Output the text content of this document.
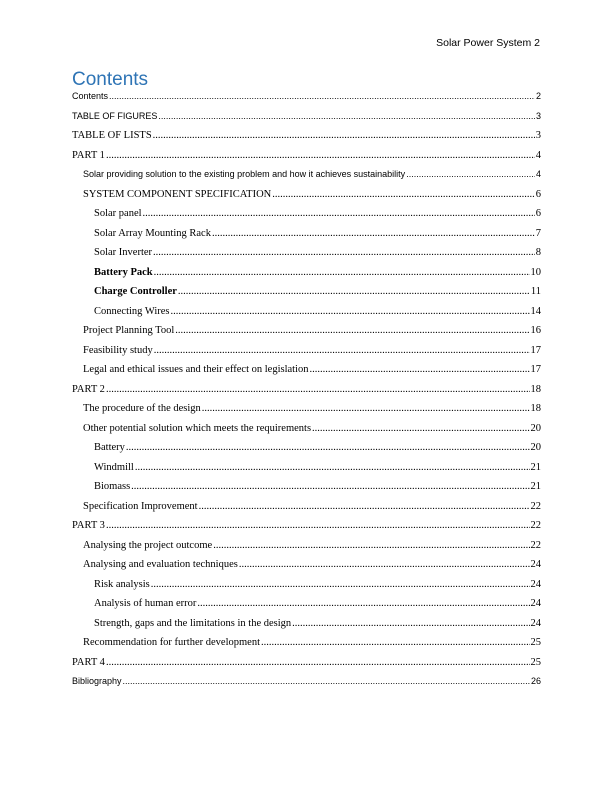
Solar Power System 2
Contents
Contents .....	2
TABLE OF FIGURES .....	3
TABLE OF LISTS .....	3
PART 1 .....	4
Solar providing solution to the existing problem and how it achieves sustainability .....	4
SYSTEM COMPONENT SPECIFICATION .....	6
Solar panel .....	6
Solar Array Mounting Rack .....	7
Solar Inverter .....	8
Battery Pack .....	10
Charge Controller .....	11
Connecting Wires .....	14
Project Planning Tool .....	16
Feasibility study .....	17
Legal and ethical issues and their effect on legislation .....	17
PART 2 .....	18
The procedure of the design .....	18
Other potential solution which meets the requirements .....	20
Battery .....	20
Windmill .....	21
Biomass .....	21
Specification Improvement .....	22
PART 3 .....	22
Analysing the project outcome .....	22
Analysing and evaluation techniques .....	24
Risk analysis .....	24
Analysis of human error .....	24
Strength, gaps and the limitations in the design .....	24
Recommendation for further development .....	25
PART 4 .....	25
Bibliography .....	26
